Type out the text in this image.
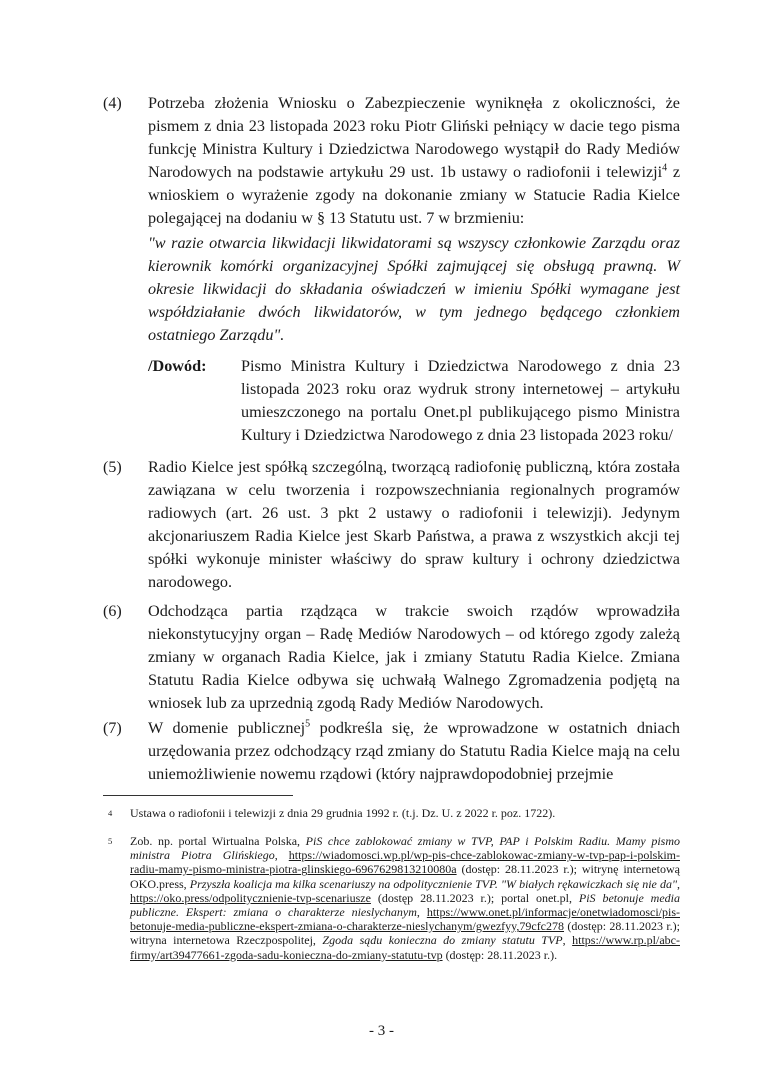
(4) Potrzeba złożenia Wniosku o Zabezpieczenie wyniknęła z okoliczności, że pismem z dnia 23 listopada 2023 roku Piotr Gliński pełniący w dacie tego pisma funkcję Ministra Kultury i Dziedzictwa Narodowego wystąpił do Rady Mediów Narodowych na podstawie artykułu 29 ust. 1b ustawy o radiofonii i telewizji$^4$ z wnioskiem o wyrażenie zgody na dokonanie zmiany w Statucie Radia Kielce polegającej na dodaniu w § 13 Statutu ust. 7 w brzmieniu:
"w razie otwarcia likwidacji likwidatorami są wszyscy członkowie Zarządu oraz kierownik komórki organizacyjnej Spółki zajmującej się obsługą prawną. W okresie likwidacji do składania oświadczeń w imieniu Spółki wymagane jest współdziałanie dwóch likwidatorów, w tym jednego będącego członkiem ostatniego Zarządu".
/Dowód: Pismo Ministra Kultury i Dziedzictwa Narodowego z dnia 23 listopada 2023 roku oraz wydruk strony internetowej – artykułu umieszczonego na portalu Onet.pl publikującego pismo Ministra Kultury i Dziedzictwa Narodowego z dnia 23 listopada 2023 roku/
(5) Radio Kielce jest spółką szczególną, tworzącą radiofonię publiczną, która została zawiązana w celu tworzenia i rozpowszechniania regionalnych programów radiowych (art. 26 ust. 3 pkt 2 ustawy o radiofonii i telewizji). Jedynym akcjonariuszem Radia Kielce jest Skarb Państwa, a prawa z wszystkich akcji tej spółki wykonuje minister właściwy do spraw kultury i ochrony dziedzictwa narodowego.
(6) Odchodząca partia rządząca w trakcie swoich rządów wprowadziła niekonstytucyjny organ – Radę Mediów Narodowych – od którego zgody zależą zmiany w organach Radia Kielce, jak i zmiany Statutu Radia Kielce. Zmiana Statutu Radia Kielce odbywa się uchwałą Walnego Zgromadzenia podjętą na wniosek lub za uprzednią zgodą Rady Mediów Narodowych.
(7) W domenie publicznej$^5$ podkreśla się, że wprowadzone w ostatnich dniach urzędowania przez odchodzący rząd zmiany do Statutu Radia Kielce mają na celu uniemożliwienie nowemu rządowi (który najprawdopodobniej przejmie
4 Ustawa o radiofonii i telewizji z dnia 29 grudnia 1992 r. (t.j. Dz. U. z 2022 r. poz. 1722).
5 Zob. np. portal Wirtualna Polska, PiS chce zablokować zmiany w TVP, PAP i Polskim Radiu. Mamy pismo ministra Piotra Glińskiego, https://wiadomosci.wp.pl/wp-pis-chce-zablokowac-zmiany-w-tvp-pap-i-polskim-radiu-mamy-pismo-ministra-piotra-glinskiego-6967629813210080a (dostęp: 28.11.2023 r.); witrynę internetową OKO.press, Przyszła koalicja ma kilka scenariuszy na odpolitycznienie TVP. "W białych rękawiczkach się nie da", https://oko.press/odpolitycznienie-tvp-scenariusze (dostęp 28.11.2023 r.); portal onet.pl, PiS betonuje media publiczne. Ekspert: zmiana o charakterze nieslychanym, https://www.onet.pl/informacje/onetwiadomosci/pis-betonuje-media-publiczne-ekspert-zmiana-o-charakterze-nieslychanym/gwezfyy,79cfc278 (dostęp: 28.11.2023 r.); witryna internetowa Rzeczpospolitej, Zgoda sądu konieczna do zmiany statutu TVP, https://www.rp.pl/abc-firmy/art39477661-zgoda-sadu-konieczna-do-zmiany-statutu-tvp (dostęp: 28.11.2023 r.).
- 3 -
